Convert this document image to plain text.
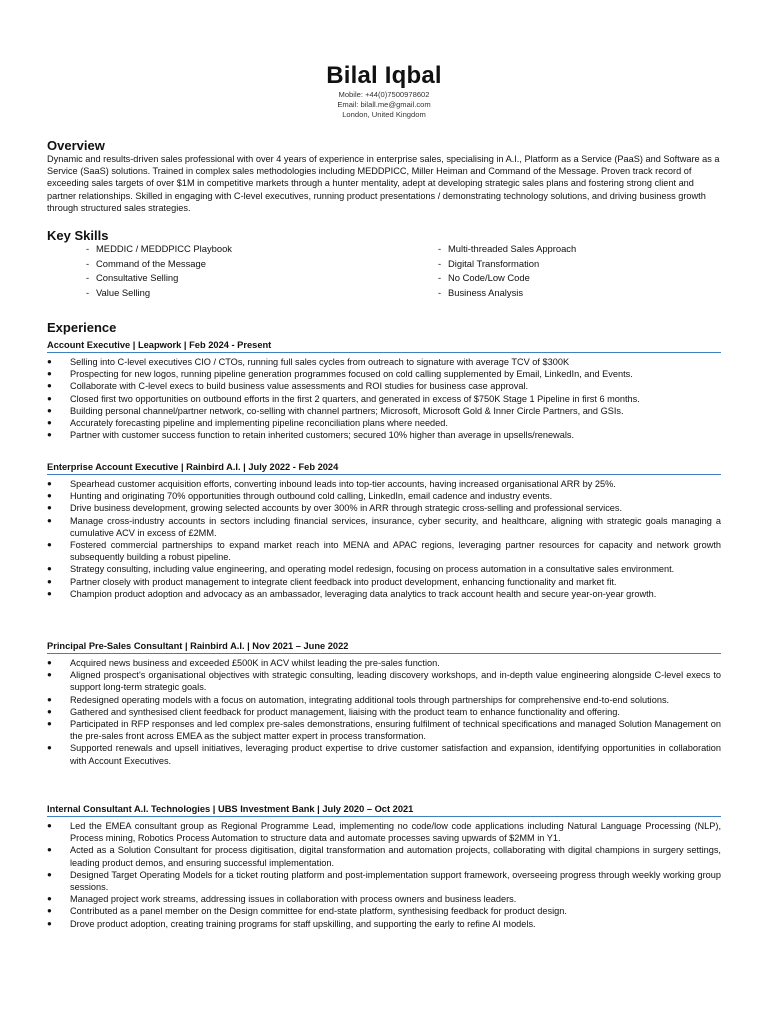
Bilal Iqbal
Mobile: +44(0)7500978602
Email: bilall.me@gmail.com
London, United Kingdom
Overview
Dynamic and results-driven sales professional with over 4 years of experience in enterprise sales, specialising in A.I., Platform as a Service (PaaS) and Software as a Service (SaaS) solutions. Trained in complex sales methodologies including MEDDPICC, Miller Heiman and Command of the Message. Proven track record of exceeding sales targets of over $1M in competitive markets through a hunter mentality, adept at developing strategic sales plans and fostering strong client and partner relationships. Skilled in engaging with C-level executives, running product presentations / demonstrating technology solutions, and driving business growth through structured sales strategies.
Key Skills
- MEDDIC / MEDDPICC Playbook
- Command of the Message
- Consultative Selling
- Value Selling
- Multi-threaded Sales Approach
- Digital Transformation
- No Code/Low Code
- Business Analysis
Experience
Account Executive | Leapwork | Feb 2024 - Present
● Selling into C-level executives CIO / CTOs, running full sales cycles from outreach to signature with average TCV of $300K
● Prospecting for new logos, running pipeline generation programmes focused on cold calling supplemented by Email, LinkedIn, and Events.
● Collaborate with C-level execs to build business value assessments and ROI studies for business case approval.
● Closed first two opportunities on outbound efforts in the first 2 quarters, and generated in excess of $750K Stage 1 Pipeline in first 6 months.
● Building personal channel/partner network, co-selling with channel partners; Microsoft, Microsoft Gold & Inner Circle Partners, and GSIs.
● Accurately forecasting pipeline and implementing pipeline reconciliation plans where needed.
● Partner with customer success function to retain inherited customers; secured 10% higher than average in upsells/renewals.
Enterprise Account Executive | Rainbird A.I. | July 2022 - Feb 2024
● Spearhead customer acquisition efforts, converting inbound leads into top-tier accounts, having increased organisational ARR by 25%.
● Hunting and originating 70% opportunities through outbound cold calling, LinkedIn, email cadence and industry events.
● Drive business development, growing selected accounts by over 300% in ARR through strategic cross-selling and professional services.
● Manage cross-industry accounts in sectors including financial services, insurance, cyber security, and healthcare, aligning with strategic goals managing a cumulative ACV in excess of £2MM.
● Fostered commercial partnerships to expand market reach into MENA and APAC regions, leveraging partner resources for capacity and network growth subsequently building a robust pipeline.
● Strategy consulting, including value engineering, and operating model redesign, focusing on process automation in a consultative sales environment.
● Partner closely with product management to integrate client feedback into product development, enhancing functionality and market fit.
● Champion product adoption and advocacy as an ambassador, leveraging data analytics to track account health and secure year-on-year growth.
Principal Pre-Sales Consultant | Rainbird A.I. | Nov 2021 – June 2022
● Acquired news business and exceeded £500K in ACV whilst leading the pre-sales function.
● Aligned prospect's organisational objectives with strategic consulting, leading discovery workshops, and in-depth value engineering alongside C-level execs to support long-term strategic goals.
● Redesigned operating models with a focus on automation, integrating additional tools through partnerships for comprehensive end-to-end solutions.
● Gathered and synthesised client feedback for product management, liaising with the product team to enhance functionality and offering.
● Participated in RFP responses and led complex pre-sales demonstrations, ensuring fulfilment of technical specifications and managed Solution Management on the pre-sales front across EMEA as the subject matter expert in process transformation.
● Supported renewals and upsell initiatives, leveraging product expertise to drive customer satisfaction and expansion, identifying opportunities in collaboration with Account Executives.
Internal Consultant A.I. Technologies | UBS Investment Bank | July 2020 – Oct 2021
● Led the EMEA consultant group as Regional Programme Lead, implementing no code/low code applications including Natural Language Processing (NLP), Process mining, Robotics Process Automation to structure data and automate processes saving upwards of $2MM in Y1.
● Acted as a Solution Consultant for process digitisation, digital transformation and automation projects, collaborating with digital champions in surgery settings, leading product demos, and ensuring successful implementation.
● Designed Target Operating Models for a ticket routing platform and post-implementation support framework, overseeing progress through weekly working group sessions.
● Managed project work streams, addressing issues in collaboration with process owners and business leaders.
● Contributed as a panel member on the Design committee for end-state platform, synthesising feedback for product design.
● Drove product adoption, creating training programs for staff upskilling, and supporting the early to refine AI models.
